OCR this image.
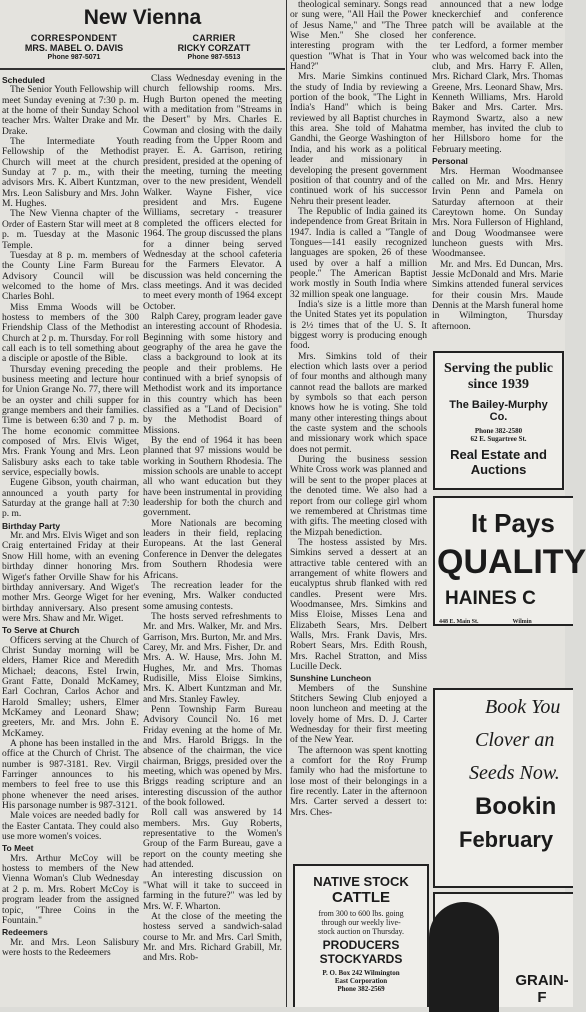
New Vienna
CORRESPONDENT
MRS. MABEL O. DAVIS
Phone 987-5071
CARRIER
RICKY CORZATT
Phone 987-5513
Scheduled

The Senior Youth Fellowship will meet Sunday evening at 7:30 p. m. at the home of their Sunday School teacher Mrs. Walter Drake and Mr. Drake.

The Intermediate Youth Fellowship of the Methodist Church will meet at the church Sunday at 7 p. m., with their advisors Mrs. K. Albert Kuntzman, Mrs. Leon Salisbury and Mrs. John M. Hughes.

The New Vienna chapter of the Order of Eastern Star will meet at 8 p. m. Tuesday at the Masonic Temple.

Tuesday at 8 p. m. members of the County Line Farm Bureau Advisory Council will be welcomed to the home of Mrs. Charles Bohl.

Miss Emma Woods will be hostess to members of the 300 Friendship Class of the Methodist Church at 2 p. m. Thursday. For roll call each is to tell something about a disciple or apostle of the Bible.

Thursday evening preceding the business meeting and lecture hour for Union Grange No. 77, there will be an oyster and chili supper for grange members and their families. Time is between 6:30 and 7 p. m. The home economic committee composed of Mrs. Elvis Wiget, Mrs. Frank Young and Mrs. Leon Salisbury asks each to take table service, especially bowls.

Eugene Gibson, youth chairman, announced a youth party for Saturday at the grange hall at 7:30 p. m.

Birthday Party

Mr. and Mrs. Elvis Wiget and son Craig entertained Friday at their Snow Hill home, with an evening birthday dinner honoring Mrs. Wiget's father Orville Shaw for his birthday anniversary. And Wiget's mother Mrs. George Wiget for her birthday anniversary. Also present were Mrs. Shaw and Mr. Wiget.

To Serve at Church

Officers serving at the Church of Christ Sunday morning will be elders, Hamer Rice and Meredith Michael; deacons, Estel Irwin, Grant Fatte, Donald McKamey, Earl Cochran, Carlos Achor and Harold Smalley; ushers, Elmer McKamey and Leonard Shaw; greeters, Mr. and Mrs. John E. McKamey.

A phone has been installed in the office at the Church of Christ. The number is 987-3181. Rev. Virgil Farringer announces to his members to feel free to use this phone whenever the need arises. His parsonage number is 987-3121.

Male voices are needed badly for the Easter Cantata. They could also use more women's voices.

To Meet

Mrs. Arthur McCoy will be hostess to members of the New Vienna Woman's Club Wednesday at 2 p. m. Mrs. Robert McCoy is program leader from the assigned topic, "Three Coins in the Fountain."

Redeemers

Mr. and Mrs. Leon Salisbury were hosts to the Redeemers

Class Wednesday evening in the church fellowship rooms. Mrs. Hugh Burton opened the meeting with a meditation from "Streams in the Desert" by Mrs. Charles E. Cowman and closing with the daily reading from the Upper Room and prayer. E. A. Garrison, retiring president, presided at the opening of the meeting, turning the meeting over to the new president, Wendell Walker. Wayne Fisher, vice president and Mrs. Eugene Williams, secretary - treasurer completed the officers elected for 1964. The group discussed the plans for a dinner being served Wednesday at the school cafeteria for the Farmers Elevator. A discussion was held concerning the class meetings. And it was decided to meet every month of 1964 except October.

Ralph Carey, program leader gave an interesting account of Rhodesia. Beginning with some history and geography of the area he gave the class a background to look at its people and their problems. He continued with a brief synopsis of Methodist work and its importance in this country which has been classified as a "Land of Decision" by the Methodist Board of Missions.

By the end of 1964 it has been planned that 97 missions would be working in Southern Rhodesia. The mission schools are unable to accept all who want education but they have been instrumental in providing leadership for both the church and government.

More Nationals are becoming leaders in their field, replacing Europeans. At the last General Conference in Denver the delegates from Southern Rhodesia were Africans.

The recreation leader for the evening, Mrs. Walker conducted some amusing contests.

The hosts served refreshments to Mr. and Mrs. Walker, Mr. and Mrs. Garrison, Mrs. Burton, Mr. and Mrs. Carey, Mr. and Mrs. Fisher, Dr. and Mrs. A. W. Hause, Mrs. John M. Hughes, Mr. and Mrs. Thomas Rudisille, Miss Eloise Simkins, Mrs. K. Albert Kuntzman and Mr. and Mrs. Stanley Fawley.

Penn Township Farm Bureau Advisory Council No. 16 met Friday evening at the home of Mr. and Mrs. Harold Briggs. In the absence of the chairman, the vice chairman, Briggs, presided over the meeting, which was opened by Mrs. Briggs reading scripture and an interesting discussion of the author of the book followed.

Roll call was answered by 14 members. Mrs. Guy Roberts, representative to the Women's Group of the Farm Bureau, gave a report on the county meeting she had attended.

An interesting discussion on "What will it take to succeed in farming in the future?" was led by Mrs. W. F. Wharton.

At the close of the meeting the hostess served a sandwich-salad course to Mr. and Mrs. Carl Smith, Mr. and Mrs. Richard Grabill, Mr. and Mrs. Rob-

theological seminary. Songs read or sung were, "All Hail the Power of Jesus Name," and "The Three Wise Men." She closed her interesting program with the question "What is That in Your Hand?"

Mrs. Marie Simkins continued the study of India by reviewing a portion of the book, "The Light in India's Hand" which is being reviewed by all Baptist churches in this area. She told of Mahatma Gandhi, the George Washington of India, and his work as a political leader and missionary in developing the present government position of that country and of the continued work of his successor Nehru their present leader.

The Republic of India gained its independence from Great Britain in 1947. India is called a "Tangle of Tongues—141 easily recognized languages are spoken, 26 of these used by over a half a million people." The American Baptist work mostly in South India where 32 million speak one language.

India's size is a little more than the United States yet its population is 2½ times that of the U. S. It biggest worry is producing enough food.

Mrs. Simkins told of their election which lasts over a period of four months and although many cannot read the ballots are marked by symbols so that each person knows how he is voting. She told many other interesting things about the caste system and the schools and missionary work which space does not permit.

During the business session White Cross work was planned and will be sent to the proper places at the denoted time. We also had a report from our college girl whom we remembered at Christmas time with gifts. The meeting closed with the Mizpah benediction.

The hostess assisted by Mrs. Simkins served a dessert at an attractive table centered with an arrangement of white flowers and eucalyptus shrub flanked with red candles. Present were Mrs. Woodmansee, Mrs. Simkins and Miss Eloise, Misses Lena and Elizabeth Sears, Mrs. Delbert Walls, Mrs. Frank Davis, Mrs. Robert Sears, Mrs. Edith Roush, Mrs. Rachel Stratton, and Miss Lucille Deck.

Sunshine Luncheon

Members of the Sunshine Stitchers Sewing Club enjoyed a noon luncheon and meeting at the lovely home of Mrs. D. J. Carter Wednesday for their first meeting of the New Year.

The afternoon was spent knotting a comfort for the Roy Frump family who had the misfortune to lose most of their belongings in a fire recently. Later in the afternoon Mrs. Carter served a dessert to: Mrs. Ches-

announced that a new lodge kneckerchief and conference patch will be available at the conference.

ter Ledford, a former member who was welcomed back into the club, and Mrs. Harry F. Allen, Mrs. Richard Clark, Mrs. Thomas Greene, Mrs. Leonard Shaw, Mrs. Kenneth Williams, Mrs. Harold Baker and Mrs. Carter. Mrs. Raymond Swartz, also a new member, has invited the club to her Hillsboro home for the February meeting.

Personal

Mrs. Herman Woodmansee called on Mr. and Mrs. Henry Irvin Penn and Pamela on Saturday afternoon at their Careytown home. On Sunday Mrs. Nora Fullerson of Highland, and Doug Woodmansee were luncheon guests with Mrs. Woodmansee.

Mr. and Mrs. Ed Duncan, Mrs. Jessie McDonald and Mrs. Marie Simkins attended funeral services for their cousin Mrs. Maude Dennis at the Marsh funeral home in Wilmington, Thursday afternoon.

Serving the public
since 1939
The Bailey-Murphy
Co.
Phone 382-2580
62 E. Sugartree St.
Real Estate and
Auctions
It Pays
QUALITY
HAINES C
448 E. Main St.	Wilmin
Book You
Clover an
Seeds Now.
Bookin
February
GRAIN-F
NATIVE STOCK
CATTLE
from 300 to 600 lbs. going
through our weekly live-
stock auction on Thursday.
PRODUCERS
STOCKYARDS
P. O. Box 242 Wilmington
East Corporation
Phone 382-2569
